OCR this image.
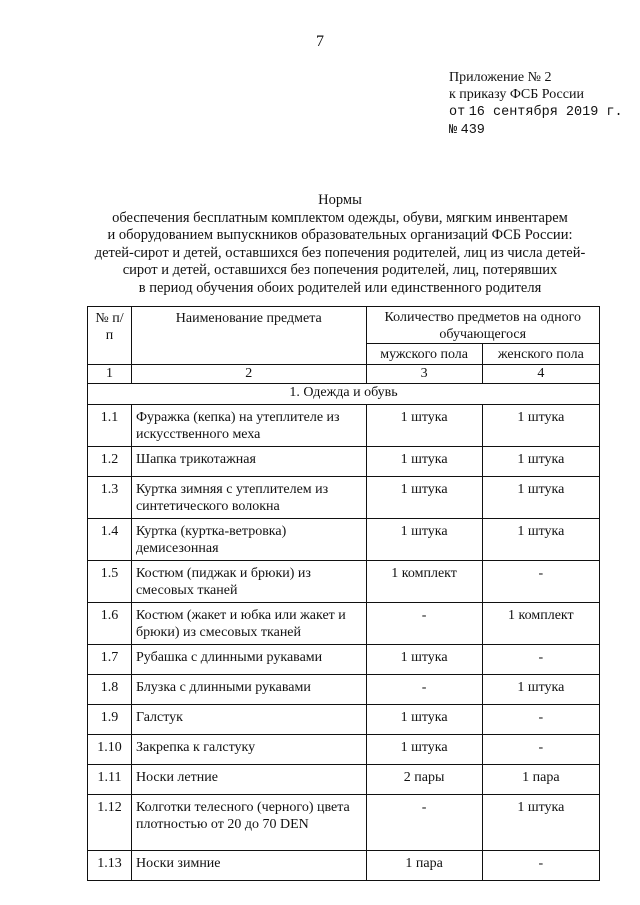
7
Приложение № 2
к приказу ФСБ России
от 16 сентября 2019 г.
№ 439
Нормы
обеспечения бесплатным комплектом одежды, обуви, мягким инвентарем
и оборудованием выпускников образовательных организаций ФСБ России:
детей-сирот и детей, оставшихся без попечения родителей, лиц из числа детей-
сирот и детей, оставшихся без попечения родителей, лиц, потерявших
в период обучения обоих родителей или единственного родителя
№ п/п	Наименование предмета	Количество предметов на одного обучающегося	
		мужского пола	женского пола
1	2	3	4
1. Одежда и обувь			
1.1	Фуражка (кепка) на утеплителе из искусственного меха	1 штука	1 штука
1.2	Шапка трикотажная	1 штука	1 штука
1.3	Куртка зимняя с утеплителем из синтетического волокна	1 штука	1 штука
1.4	Куртка (куртка-ветровка) демисезонная	1 штука	1 штука
1.5	Костюм (пиджак и брюки) из смесовых тканей	1 комплект	-
1.6	Костюм (жакет и юбка или жакет и брюки) из смесовых тканей	-	1 комплект
1.7	Рубашка с длинными рукавами	1 штука	-
1.8	Блузка с длинными рукавами	-	1 штука
1.9	Галстук	1 штука	-
1.10	Закрепка к галстуку	1 штука	-
1.11	Носки летние	2 пары	1 пара
1.12	Колготки телесного (черного) цвета плотностью от 20 до 70 DEN	-	1 штука
1.13	Носки зимние	1 пара	-
